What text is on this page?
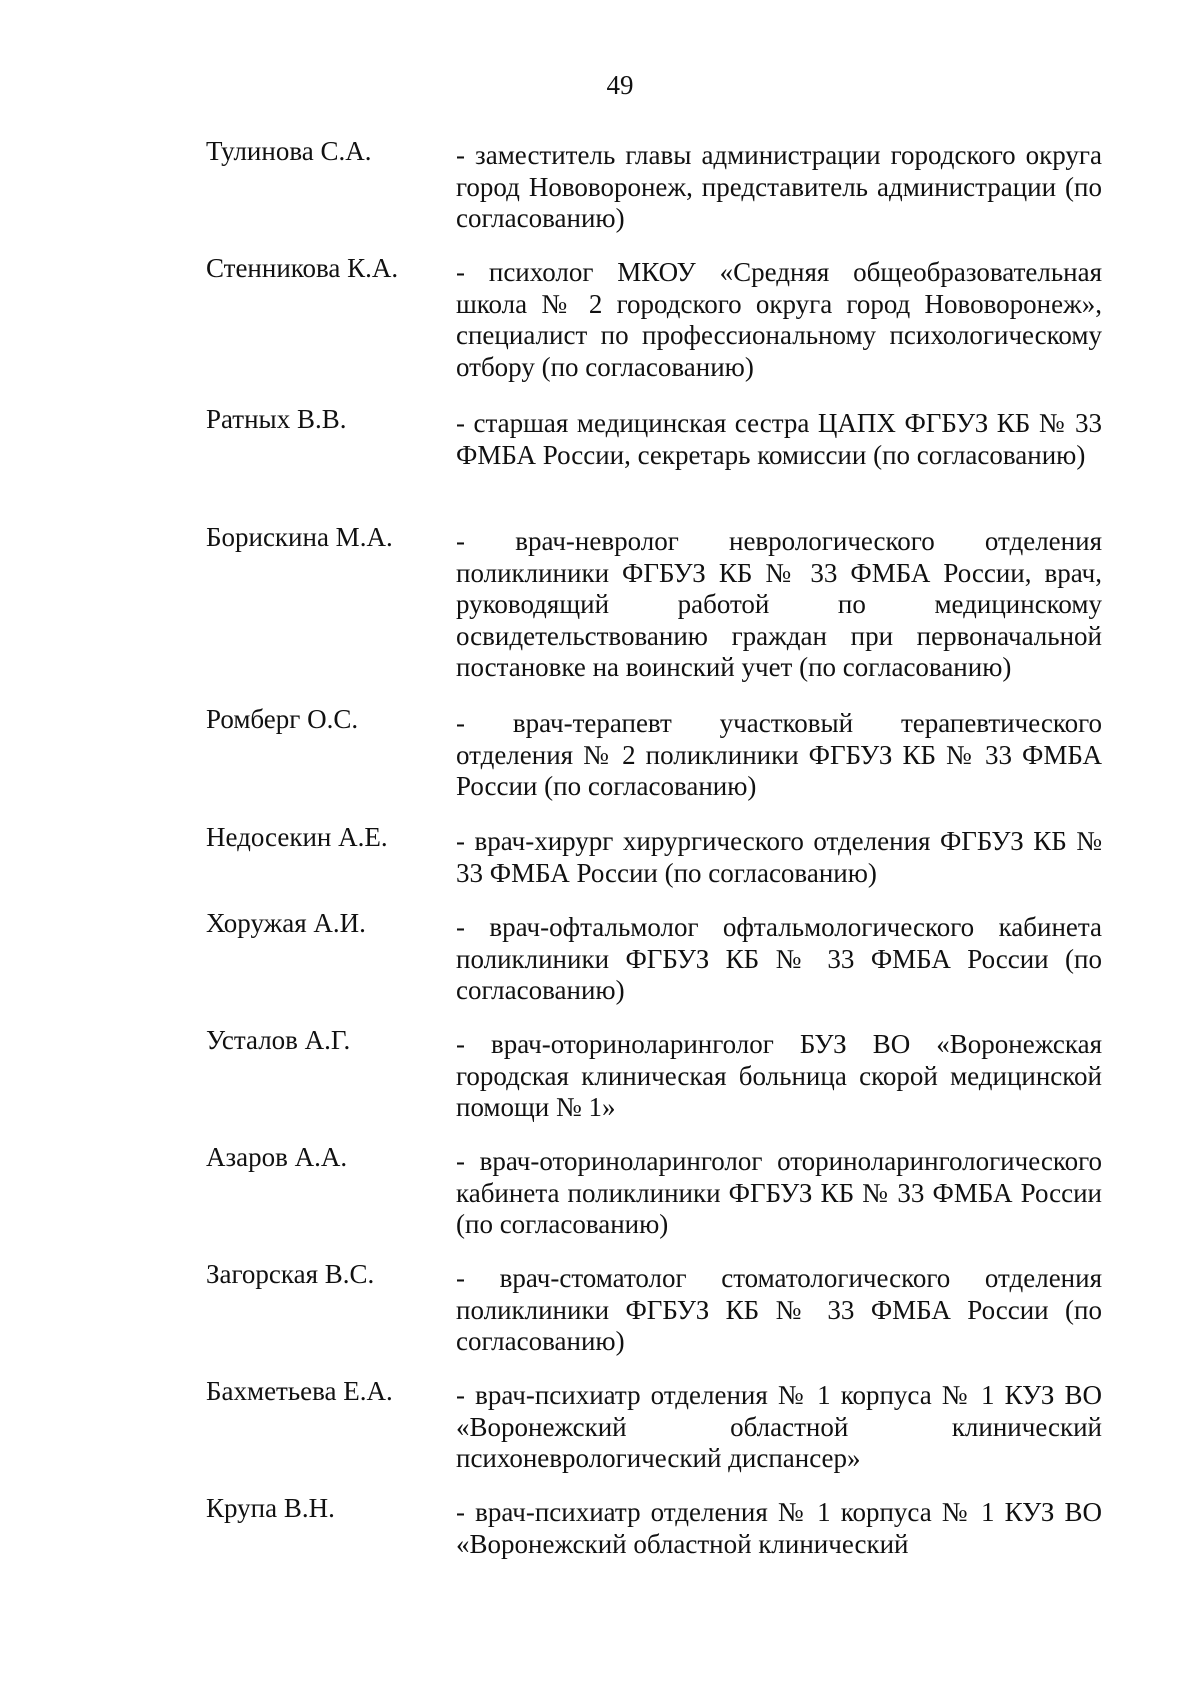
49
Тулинова С.А.	- заместитель главы администрации городского округа город Нововоронеж, представитель администрации (по согласованию)
Стенникова К.А. - психолог МКОУ «Средняя общеобразовательная школа № 2 городского округа город Нововоронеж», специалист по профессиональному психологическому отбору (по согласованию)
Ратных В.В.	- старшая медицинская сестра ЦАПХ ФГБУЗ КБ № 33 ФМБА России, секретарь комиссии (по согласованию)
Борискина М.А. - врач-невролог неврологического отделения поликлиники ФГБУЗ КБ № 33 ФМБА России, врач, руководящий работой по медицинскому освидетельствованию граждан при первоначальной постановке на воинский учет (по согласованию)
Ромберг О.С.	- врач-терапевт участковый терапевтического отделения № 2 поликлиники ФГБУЗ КБ № 33 ФМБА России (по согласованию)
Недосекин А.Е.	- врач-хирург хирургического отделения ФГБУЗ КБ № 33 ФМБА России (по согласованию)
Хоружая А.И.	- врач-офтальмолог офтальмологического кабинета поликлиники ФГБУЗ КБ № 33 ФМБА России (по согласованию)
Усталов А.Г.	- врач-оториноларинголог БУЗ ВО «Воронежская городская клиническая больница скорой медицинской помощи № 1»
Азаров А.А.	- врач-оториноларинголог оториноларингологического кабинета поликлиники ФГБУЗ КБ № 33 ФМБА России (по согласованию)
Загорская В.С.	- врач-стоматолог стоматологического отделения поликлиники ФГБУЗ КБ № 33 ФМБА России (по согласованию)
Бахметьева Е.А. - врач-психиатр отделения № 1 корпуса № 1 КУЗ ВО «Воронежский областной клинический психоневрологический диспансер»
Крупа В.Н.	- врач-психиатр отделения № 1 корпуса № 1 КУЗ ВО «Воронежский областной клинический
